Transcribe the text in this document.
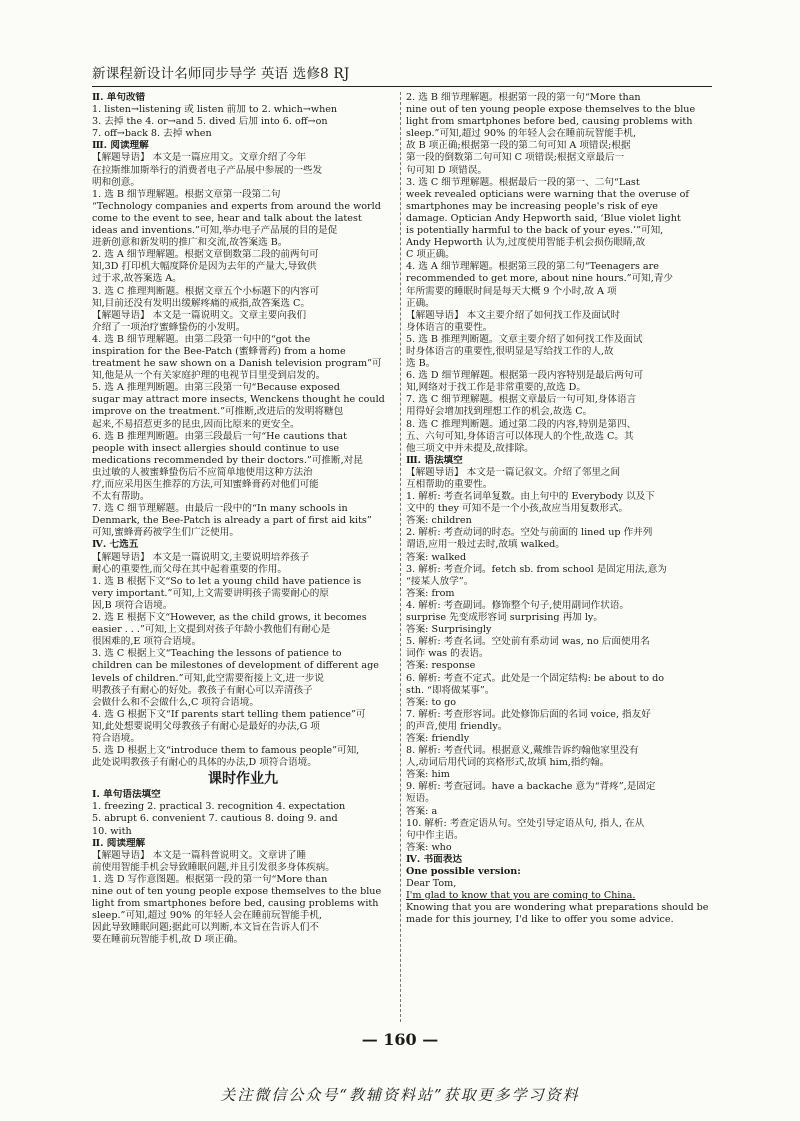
新课程新设计名师同步导学 英语 选修8 RJ
Ⅱ. 单句改错
1. listen→listening 或 listen 前加 to 2. which→when
3. 去掉 the 4. or→and 5. dived 后加 into 6. off→on
7. off→back 8. 去掉 when
Ⅲ. 阅读理解
【解题导语】 本文是一篇应用文。文章介绍了今年
在拉斯维加斯举行的消费者电子产品展中参展的一些发
明和创意。
1. 选 B 细节理解题。根据文章第一段第二句
“Technology companies and experts from around the world
come to the event to see, hear and talk about the latest
ideas and inventions.”可知,举办电子产品展的目的是促
进新创意和新发明的推广和交流,故答案选 B。
2. 选 A 细节理解题。根据文章倒数第二段的前两句可
知,3D 打印机大幅度降价是因为去年的产量大,导致供
过于求,故答案选 A。
3. 选 C 推理判断题。根据文章五个小标题下的内容可
知,目前还没有发明出缓解疼痛的戒指,故答案选 C。
【解题导语】 本文是一篇说明文。文章主要向我们
介绍了一项治疗蜜蜂蛰伤的小发明。
4. 选 B 细节理解题。由第二段第一句中的“got the
inspiration for the Bee-Patch (蜜蜂膏药) from a home
treatment he saw shown on a Danish television program”可
知,他是从一个有关家庭护理的电视节目里受到启发的。
5. 选 A 推理判断题。由第三段第一句“Because exposed
sugar may attract more insects, Wenckens thought he could
improve on the treatment.”可推断,改进后的发明将糖包
起来,不易招惹更多的昆虫,因而比原来的更安全。
6. 选 B 推理判断题。由第三段最后一句“He cautions that
people with insect allergies should continue to use
medications recommended by their doctors.”可推断,对昆
虫过敏的人被蜜蜂蛰伤后不应简单地使用这种方法治
疗,而应采用医生推荐的方法,可知蜜蜂膏药对他们可能
不太有帮助。
7. 选 C 细节理解题。由最后一段中的“In many schools in
Denmark, the Bee-Patch is already a part of first aid kits”
可知,蜜蜂膏药被学生们广泛使用。
Ⅳ. 七选五
【解题导语】 本文是一篇说明文,主要说明培养孩子
耐心的重要性,而父母在其中起着重要的作用。
1. 选 B 根据下文“So to let a young child have patience is
very important.”可知,上文需要讲明孩子需要耐心的原
因,B 项符合语境。
2. 选 E 根据下文“However, as the child grows, it becomes
easier . . .”可知,上文提到对孩子年龄小教他们有耐心是
很困难的,E 项符合语境。
3. 选 C 根据上文“Teaching the lessons of patience to
children can be milestones of development of different age
levels of children.”可知,此空需要衔接上文,进一步说
明教孩子有耐心的好处。教孩子有耐心可以弄清孩子
会做什么和不会做什么,C 项符合语境。
4. 选 G 根据下文“If parents start telling them patience”可
知,此处想要说明父母教孩子有耐心是最好的办法,G 项
符合语境。
5. 选 D 根据上文“introduce them to famous people”可知,
此处说明教孩子有耐心的具体的办法,D 项符合语境。
课时作业九
Ⅰ. 单句语法填空
1. freezing 2. practical 3. recognition 4. expectation
5. abrupt 6. convenient 7. cautious 8. doing 9. and
10. with
Ⅱ. 阅读理解
【解题导语】 本文是一篇科普说明文。文章讲了睡
前使用智能手机会导致睡眠问题,并且引发很多身体疾病。
1. 选 D 写作意图题。根据第一段的第一句“More than
nine out of ten young people expose themselves to the blue
light from smartphones before bed, causing problems with
sleep.”可知,超过 90% 的年轻人会在睡前玩智能手机,
因此导致睡眠问题;据此可以判断,本文旨在告诉人们不
要在睡前玩智能手机,故 D 项正确。
2. 选 B 细节理解题。根据第一段的第一句“More than
nine out of ten young people expose themselves to the blue
light from smartphones before bed, causing problems with
sleep.”可知,超过 90% 的年轻人会在睡前玩智能手机,
故 B 项正确;根据第一段的第二句可知 A 项错误;根据
第一段的倒数第二句可知 C 项错误;根据文章最后一
句可知 D 项错误。
3. 选 C 细节理解题。根据最后一段的第一、二句“Last
week revealed opticians were warning that the overuse of
smartphones may be increasing people's risk of eye
damage. Optician Andy Hepworth said, ‘Blue violet light
is potentially harmful to the back of your eyes.’”可知,
Andy Hepworth 认为,过度使用智能手机会损伤眼睛,故
C 项正确。
4. 选 A 细节理解题。根据第三段的第二句“Teenagers are
recommended to get more, about nine hours.”可知,青少
年所需要的睡眠时间是每天大概 9 个小时,故 A 项
正确。
【解题导语】 本文主要介绍了如何找工作及面试时
身体语言的重要性。
5. 选 B 推理判断题。文章主要介绍了如何找工作及面试
时身体语言的重要性,很明显是写给找工作的人,故
选 B。
6. 选 D 细节理解题。根据第一段内容特别是最后两句可
知,网络对于找工作是非常重要的,故选 D。
7. 选 C 细节理解题。根据文章最后一句可知,身体语言
用得好会增加找到理想工作的机会,故选 C。
8. 选 C 推理判断题。通过第二段的内容,特别是第四、
五、六句可知,身体语言可以体现人的个性,故选 C。其
他三项文中并未提及,故排除。
Ⅲ. 语法填空
【解题导语】 本文是一篇记叙文。介绍了邻里之间
互相帮助的重要性。
1. 解析: 考查名词单复数。由上句中的 Everybody 以及下
文中的 they 可知不是一个小孩,故应当用复数形式。
答案: children
2. 解析: 考查动词的时态。空处与前面的 lined up 作并列
谓语,应用一般过去时,故填 walked。
答案: walked
3. 解析: 考查介词。fetch sb. from school 是固定用法,意为
“接某人放学”。
答案: from
4. 解析: 考查副词。修饰整个句子,使用副词作状语。
surprise 先变成形容词 surprising 再加 ly。
答案: Surprisingly
5. 解析: 考查名词。空处前有系动词 was, no 后面使用名
词作 was 的表语。
答案: response
6. 解析: 考查不定式。此处是一个固定结构: be about to do
sth. “即将做某事”。
答案: to go
7. 解析: 考查形容词。此处修饰后面的名词 voice, 指友好
的声音,使用 friendly。
答案: friendly
8. 解析: 考查代词。根据意义,戴维告诉约翰他家里没有
人,动词后用代词的宾格形式,故填 him,指约翰。
答案: him
9. 解析: 考查冠词。have a backache 意为“背疼”,是固定
短语。
答案: a
10. 解析: 考查定语从句。空处引导定语从句, 指人, 在从
句中作主语。
答案: who
Ⅳ. 书面表达
One possible version:
Dear Tom,
I'm glad to know that you are coming to China.
Knowing that you are wondering what preparations should be
made for this journey, I'd like to offer you some advice.
— 160 —
关注微信公众号“教辅资料站”获取更多学习资料
